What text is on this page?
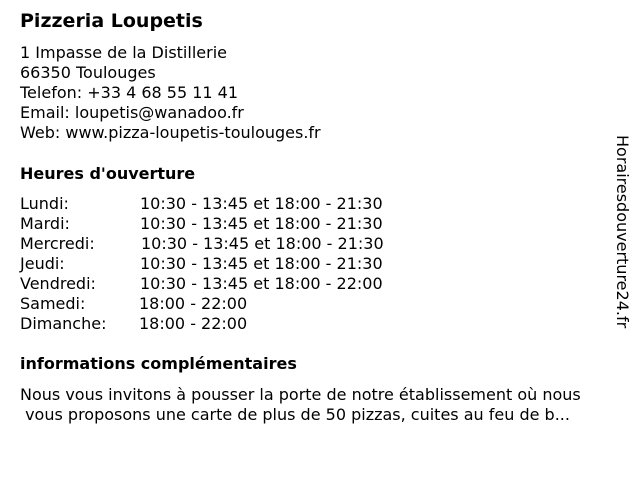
Pizzeria Loupetis
1 Impasse de la Distillerie
66350 Toulouges
Telefon: +33 4 68 55 11 41
Email: loupetis@wanadoo.fr
Web: www.pizza-loupetis-toulouges.fr
Heures d'ouverture
Lundi:	10:30 - 13:45 et 18:00 - 21:30
Mardi:	10:30 - 13:45 et 18:00 - 21:30
Mercredi:	10:30 - 13:45 et 18:00 - 21:30
Jeudi:	10:30 - 13:45 et 18:00 - 21:30
Vendredi:	10:30 - 13:45 et 18:00 - 22:00
Samedi:	18:00 - 22:00
Dimanche: 18:00 - 22:00
informations complémentaires
Nous vous invitons à pousser la porte de notre établissement où nous
vous proposons une carte de plus de 50 pizzas, cuites au feu de b...
Horairesdouverture24.fr
